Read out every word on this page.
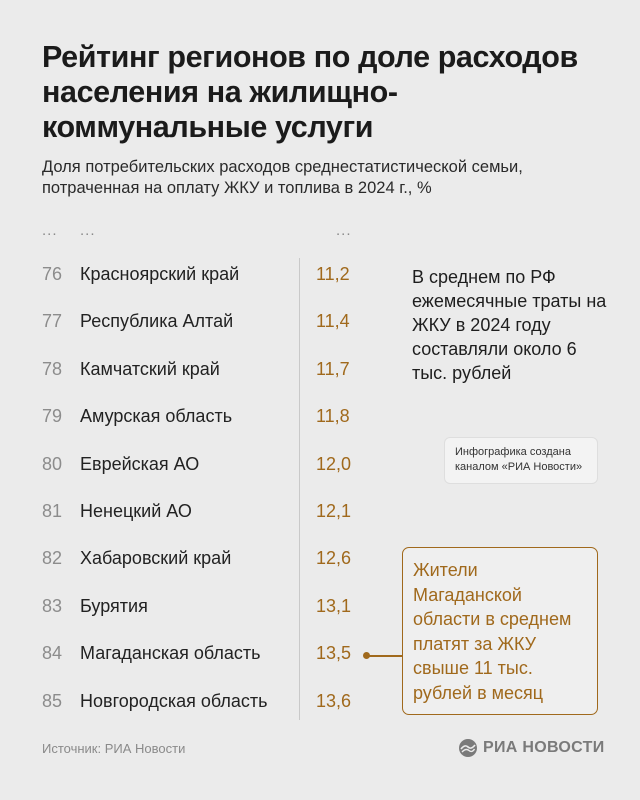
Рейтинг регионов по доле расходов населения на жилищно-коммунальные услуги
Доля потребительских расходов среднестатистической семьи, потраченная на оплату ЖКУ и топлива в 2024 г., %
... ...	...
76 Красноярский край	11,2
77 Республика Алтай	11,4
78 Камчатский край	11,7
79 Амурская область	11,8
80 Еврейская АО	12,0
81 Ненецкий АО	12,1
82 Хабаровский край	12,6
83 Бурятия	13,1
84 Магаданская область	13,5
85 Новгородская область	13,6
В среднем по РФ ежемесячные траты на ЖКУ в 2024 году составляли около 6 тыс. рублей
Инфографика создана каналом «РИА Новости»
Жители Магаданской области в среднем платят за ЖКУ свыше 11 тыс. рублей в месяц
Источник: РИА Новости	РИА НОВОСТИ
